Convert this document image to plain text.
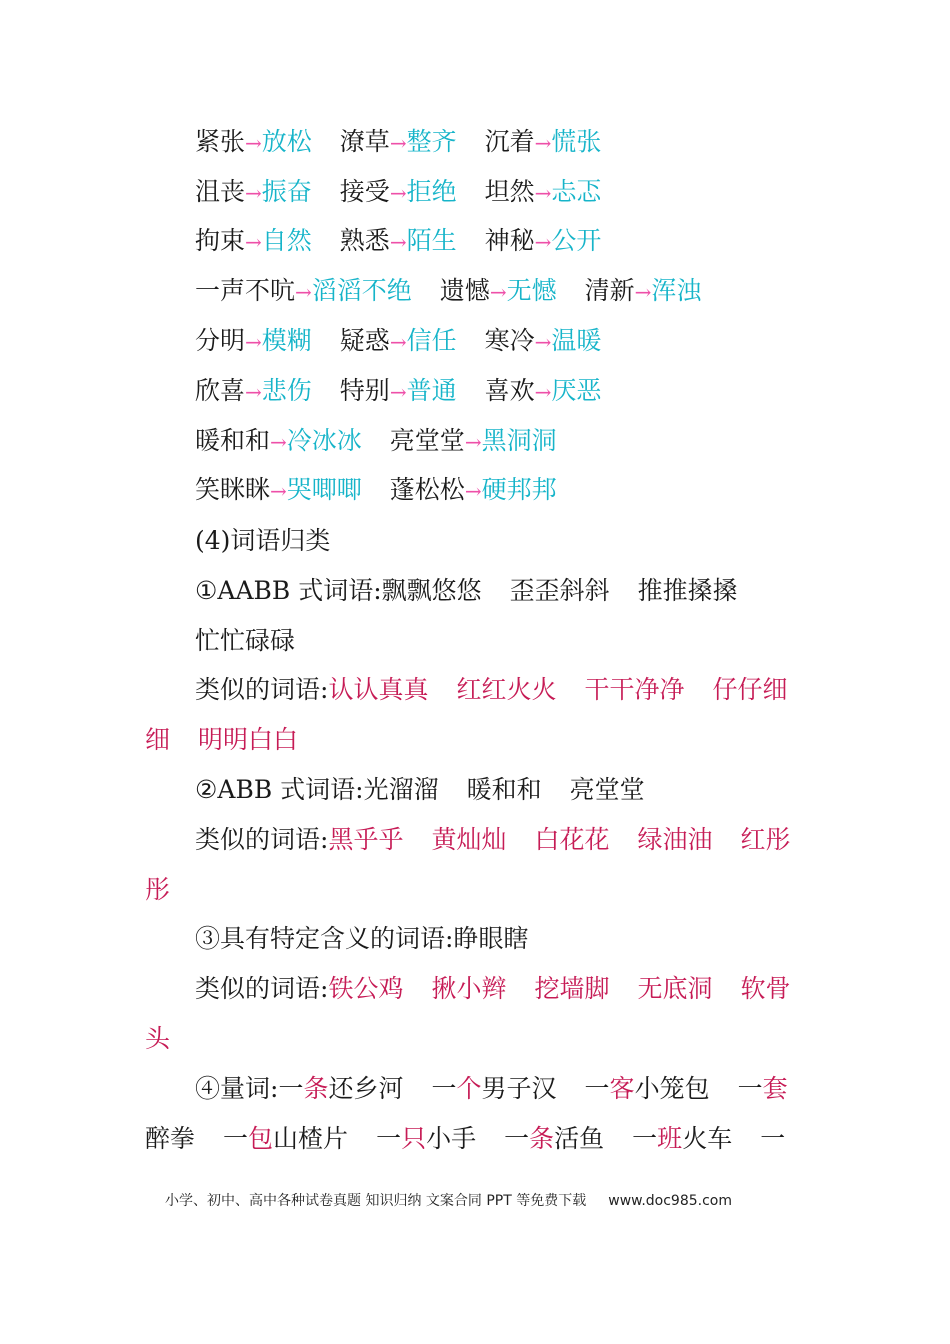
紧张→放松 潦草→整齐 沉着→慌张
沮丧→振奋 接受→拒绝 坦然→忐忑
拘束→自然 熟悉→陌生 神秘→公开
一声不吭→滔滔不绝 遗憾→无憾 清新→浑浊
分明→模糊 疑惑→信任 寒冷→温暖
欣喜→悲伤 特别→普通 喜欢→厌恶
暖和和→冷冰冰 亮堂堂→黑洞洞
笑眯眯→哭唧唧 蓬松松→硬邦邦
(4)词语归类
①AABB 式词语:飘飘悠悠 歪歪斜斜 推推搡搡
忙忙碌碌
类似的词语:认认真真 红红火火 干干净净 仔仔细
细 明明白白
②ABB 式词语:光溜溜 暖和和 亮堂堂
类似的词语:黑乎乎 黄灿灿 白花花 绿油油 红彤
彤
③具有特定含义的词语:睁眼瞎
类似的词语:铁公鸡 揪小辫 挖墙脚 无底洞 软骨
头
④量词:一条还乡河 一个男子汉 一客小笼包 一套
醉拳 一包山楂片 一只小手 一条活鱼 一班火车 一
小学、初中、高中各种试卷真题 知识归纳 文案合同 PPT 等免费下载 www.doc985.com
